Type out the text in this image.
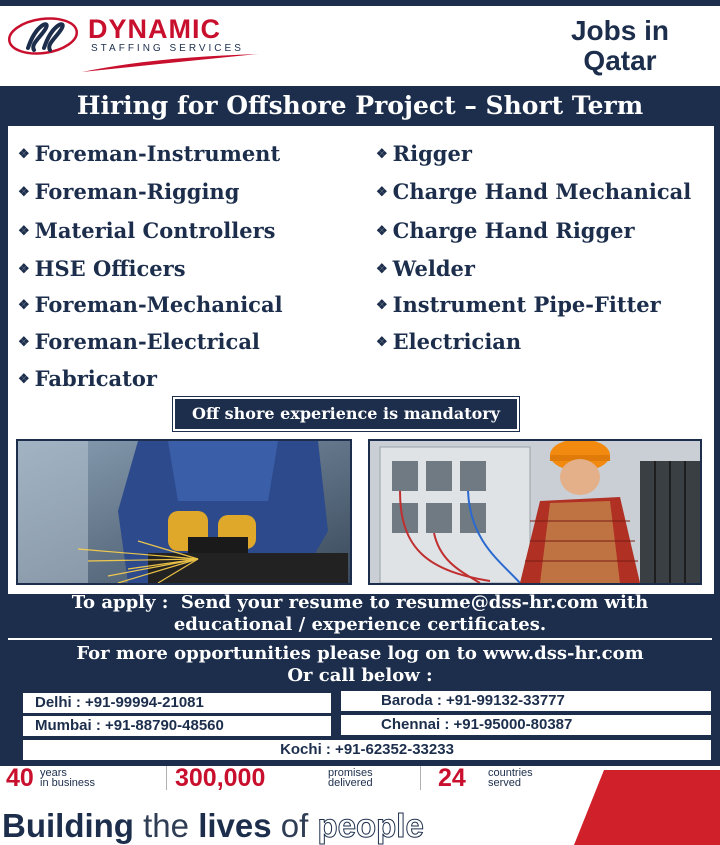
DYNAMIC
STAFFING SERVICES
Jobs in
Qatar
Hiring for Offshore Project – Short Term
❖ Foreman-Instrument
❖ Foreman-Rigging
❖ Material Controllers
❖ HSE Officers
❖ Foreman-Mechanical
❖ Foreman-Electrical
❖ Fabricator
❖ Rigger
❖ Charge Hand Mechanical
❖ Charge Hand Rigger
❖ Welder
❖ Instrument Pipe-Fitter
❖ Electrician
Off shore experience is mandatory
To apply :  Send your resume to resume@dss-hr.com with
educational / experience certificates.
For more opportunities please log on to www.dss-hr.com
Or call below :
Delhi : +91-99994-21081	Baroda : +91-99132-33777
Mumbai : +91-88790-48560	Chennai : +91-95000-80387
Kochi : +91-62352-33233
40 years
in business	300,000	promises
delivered	24 countries
served
Building the lives of people
